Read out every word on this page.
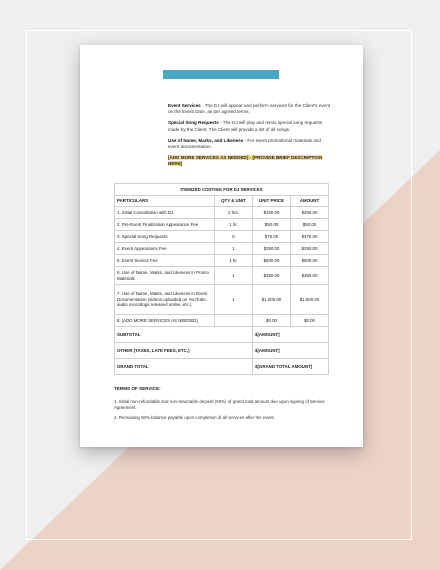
Event Services - The DJ will appear and perform services for the Client's event on the Event Date, as per agreed terms.

Special Song Requests - The DJ will play and remix special song requests made by the Client. The Client will provide a list of all songs.

Use of Name, Marks, and Likeness - For event promotional materials and event documentation.

[ADD MORE SERVICES AS NEEDED] - [PROVIDE BRIEF DESCRIPTION HERE]

ITEMIZED COSTING FOR DJ SERVICES			
PARTICULARS	QTY & UNIT	UNIT PRICE	AMOUNT
1. Initial Consultation with DJ	2 hrs.	$100.00	$200.00
2. Pre-Event Finalization Appearance Fee	1 hr.	$50.00	$50.00
3. Special Song Requests	5	$75.00	$375.00
4. Event Appearance Fee	1	$250.00	$250.00
5. Event Service Fee	1 hr.	$500.00	$500.00
6. Use of Name, Marks, and Likeness in Promo Materials	1	$350.00	$350.00
7. Use of Name, Marks, and Likeness in Event Documentation (videos uploaded on YouTube, audio recordings released online, etc.)	1	$1,000.00	$1,000.00
8. [ADD MORE SERVICES AS NEEDED]		$0.00	$0.00
SUBTOTAL		$[AMOUNT]	
OTHER (TAXES, LATE FEES, ETC.)		$[AMOUNT]	
GRAND TOTAL		$[GRAND TOTAL AMOUNT]	
TERMS OF SERVICE:

1. Initial non-refundable and non-returnable deposit (50%) of grand total amount due upon signing of Service Agreement.

2. Remaining 50% balance payable upon completion of all services after the event.
